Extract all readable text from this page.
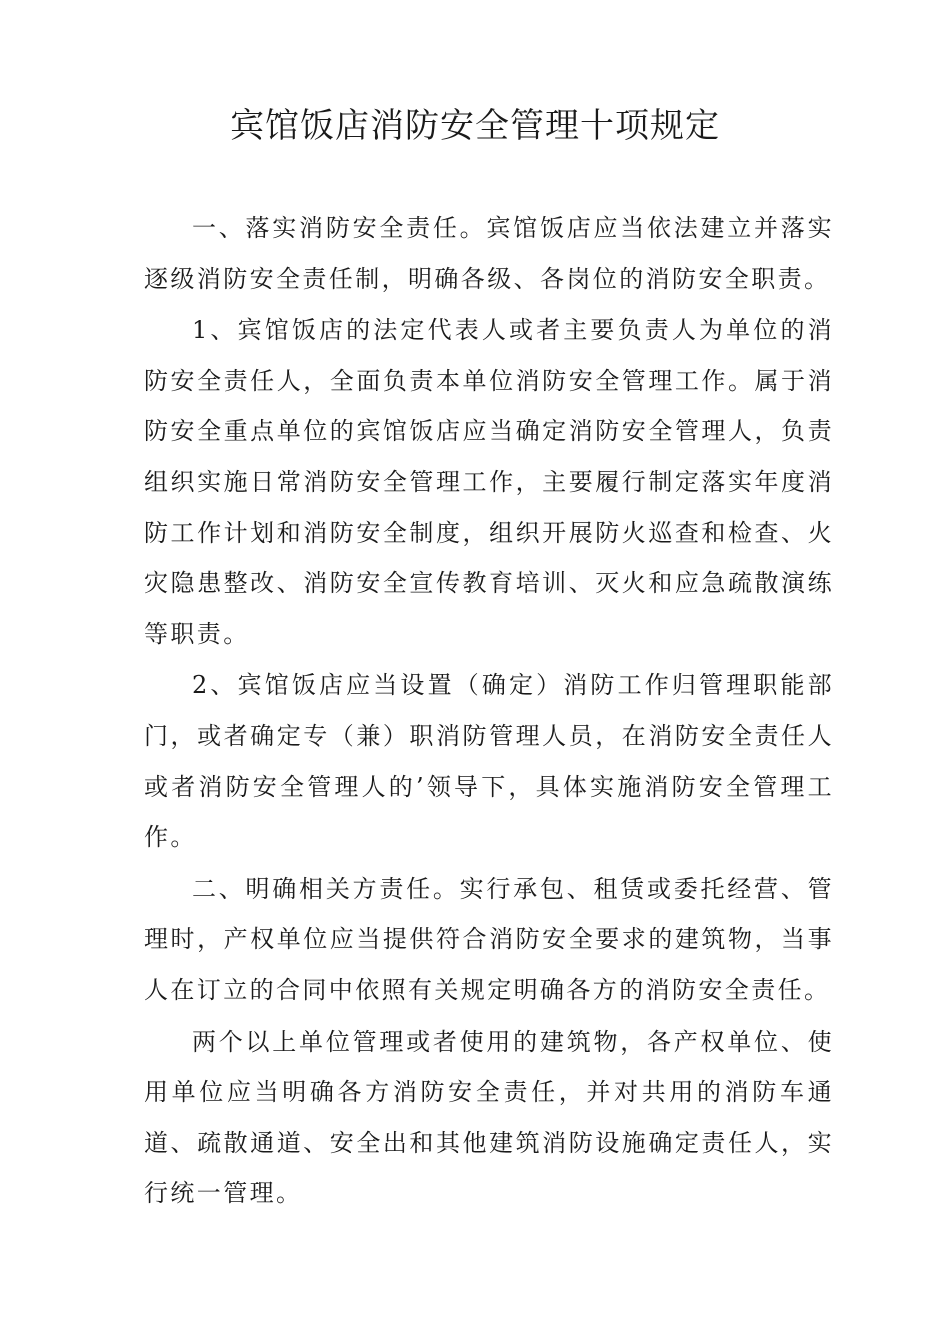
宾馆饭店消防安全管理十项规定

一、落实消防安全责任。宾馆饭店应当依法建立并落实逐级消防安全责任制，明确各级、各岗位的消防安全职责。

1、宾馆饭店的法定代表人或者主要负责人为单位的消防安全责任人，全面负责本单位消防安全管理工作。属于消防安全重点单位的宾馆饭店应当确定消防安全管理人，负责组织实施日常消防安全管理工作，主要履行制定落实年度消防工作计划和消防安全制度，组织开展防火巡查和检查、火灾隐患整改、消防安全宣传教育培训、灭火和应急疏散演练等职责。

2、宾馆饭店应当设置（确定）消防工作归管理职能部门，或者确定专（兼）职消防管理人员，在消防安全责任人或者消防安全管理人的’领导下，具体实施消防安全管理工作。

二、明确相关方责任。实行承包、租赁或委托经营、管理时，产权单位应当提供符合消防安全要求的建筑物，当事人在订立的合同中依照有关规定明确各方的消防安全责任。

两个以上单位管理或者使用的建筑物，各产权单位、使用单位应当明确各方消防安全责任，并对共用的消防车通道、疏散通道、安全出和其他建筑消防设施确定责任人，实行统一管理。
